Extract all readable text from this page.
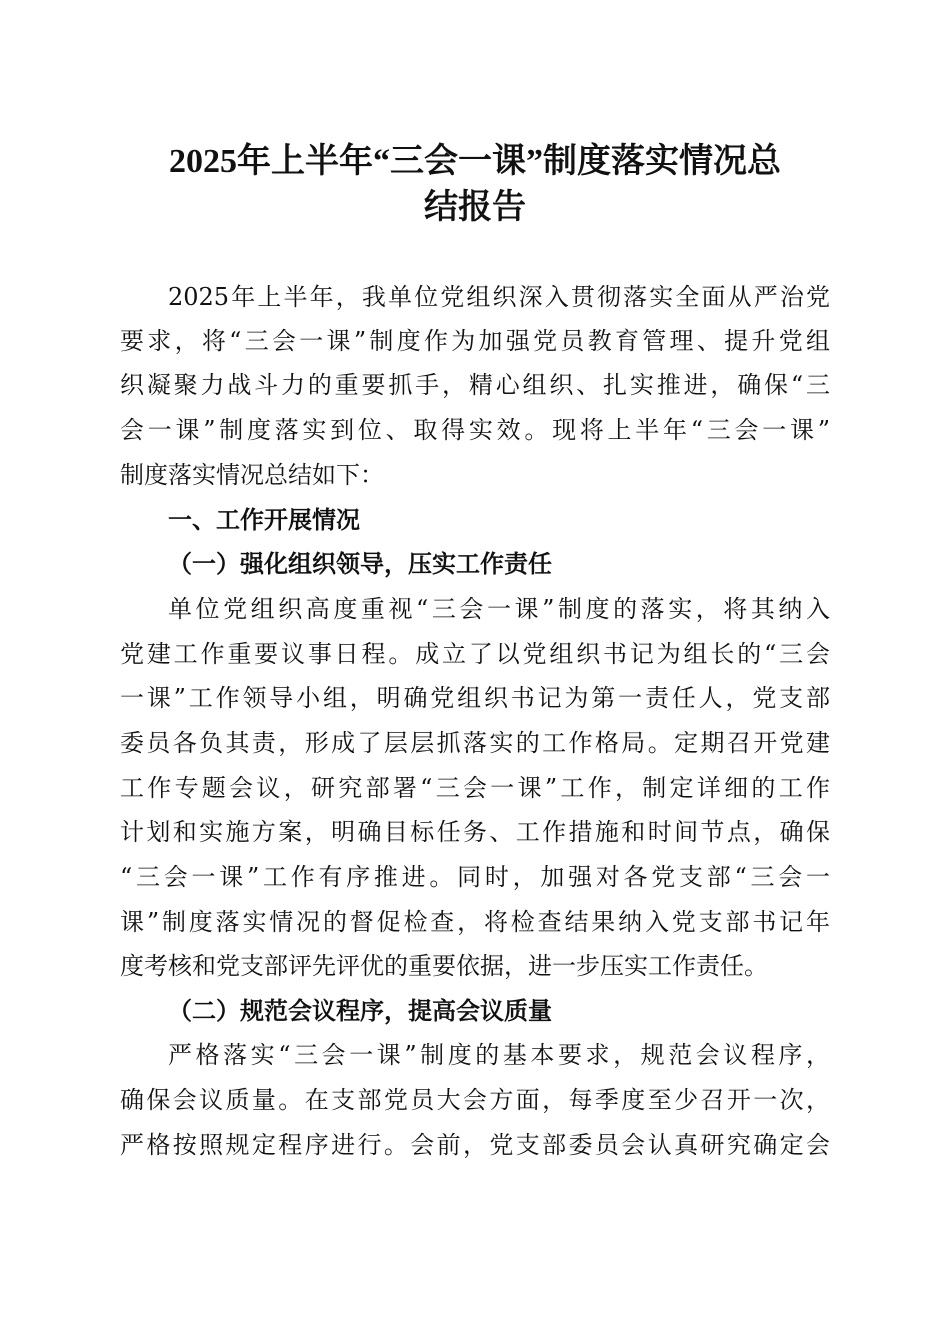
2025年上半年“三会一课”制度落实情况总
结报告
2025年上半年，我单位党组织深入贯彻落实全面从严治党
要求，将“三会一课”制度作为加强党员教育管理、提升党组
织凝聚力战斗力的重要抓手，精心组织、扎实推进，确保“三
会一课”制度落实到位、取得实效。现将上半年“三会一课”
制度落实情况总结如下：
一、工作开展情况
（一）强化组织领导，压实工作责任
单位党组织高度重视“三会一课”制度的落实，将其纳入
党建工作重要议事日程。成立了以党组织书记为组长的“三会
一课”工作领导小组，明确党组织书记为第一责任人，党支部
委员各负其责，形成了层层抓落实的工作格局。定期召开党建
工作专题会议，研究部署“三会一课”工作，制定详细的工作
计划和实施方案，明确目标任务、工作措施和时间节点，确保
“三会一课”工作有序推进。同时，加强对各党支部“三会一
课”制度落实情况的督促检查，将检查结果纳入党支部书记年
度考核和党支部评先评优的重要依据，进一步压实工作责任。
（二）规范会议程序，提高会议质量
严格落实“三会一课”制度的基本要求，规范会议程序，
确保会议质量。在支部党员大会方面，每季度至少召开一次，
严格按照规定程序进行。会前，党支部委员会认真研究确定会
